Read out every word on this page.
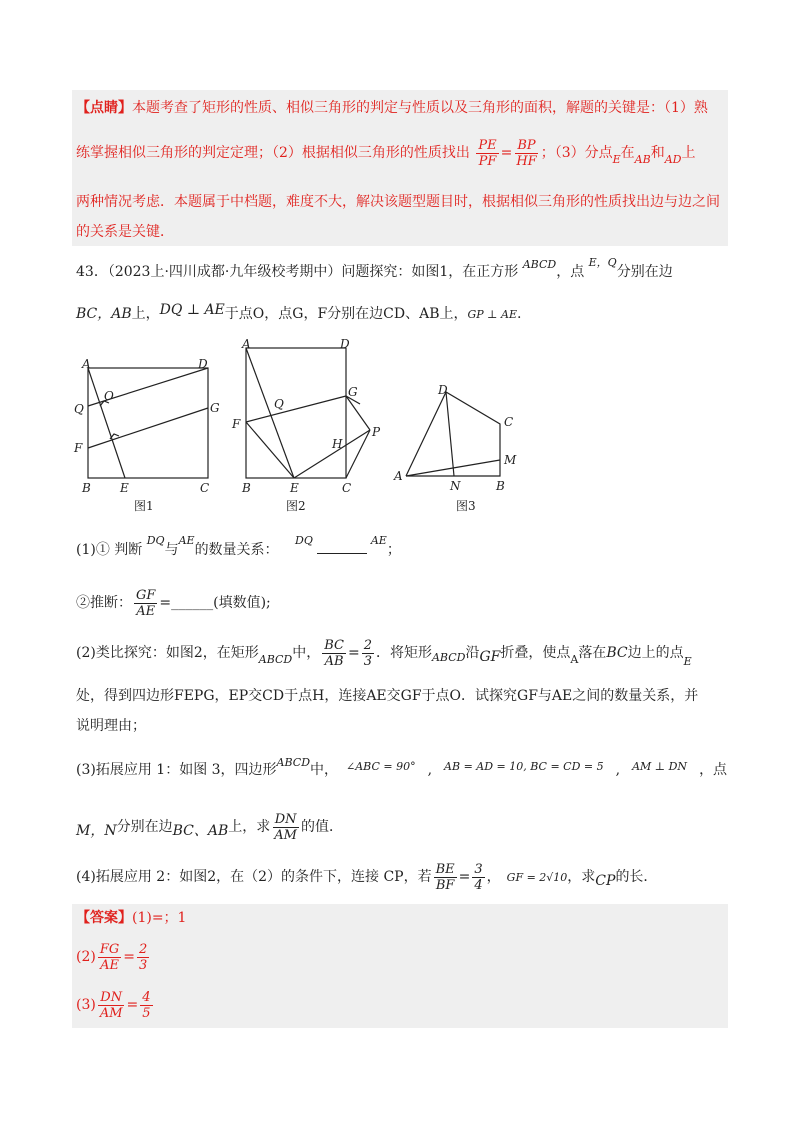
【点睛】本题考查了矩形的性质、相似三角形的判定与性质以及三角形的面积，解题的关键是：（1）熟
练掌握相似三角形的判定定理；（2）根据相似三角形的性质找出 $\frac{PE}{PF} = \frac{BP}{HF}$ ；（3）分点$_E$在$_{AB}$和$_{AD}$上
两种情况考虑．本题属于中档题，难度不大，解决该题型题目时，根据相似三角形的性质找出边与边之间
的关系是关键．
43．（2023上·四川成都·九年级校考期中）问题探究：如图1，在正方形 $^{ABCD}$，点 $^{E,Q}$分别在边
BC，AB上，DQ ⊥ AE于点O，点G，F分别在边CD、AB上，GP ⊥ AE.
A	D
Q
O
G
F
B E	C
图1
A	D
G
Q
P
F
H
B	E	C
图2
D
C
M
A
N	B
图3
(1)① 判断 $^{DQ}$与$^{AE}$的数量关系： $^{DQ}$	$^{AE}$；
②推断： $\frac{GF}{AE}$ =______(填数值);
(2)类比探究：如图2，在矩形$_{ABCD}$中， $\frac{BC}{AB} = \frac{2}{3}$ ．将矩形$_{ABCD}$沿GF折叠，使点$_A$落在BC边上的点$_E$
处，得到四边形FEPG，EP交CD于点H，连接AE交GF于点O．试探究GF与AE之间的数量关系，并
说明理由；
(3)拓展应用 1：如图 3，四边形$^{ABCD}$中， $^{\angle ABC = 90^\circ}$ , $^{AB = AD = 10, BC = CD = 5}$ , $^{AM \perp DN}$ ，点
M，N分别在边BC、AB上，求 $\frac{DN}{AM}$ 的值．
(4)拓展应用 2：如图2，在（2）的条件下，连接 CP，若 $\frac{BE}{BF} = \frac{3}{4}$ ， GF = 2√10，求CP的长．
【答案】(1)=；1
$(2) \frac{FG}{AE} = \frac{2}{3}$
$(3) \frac{DN}{AM} = \frac{4}{5}$
